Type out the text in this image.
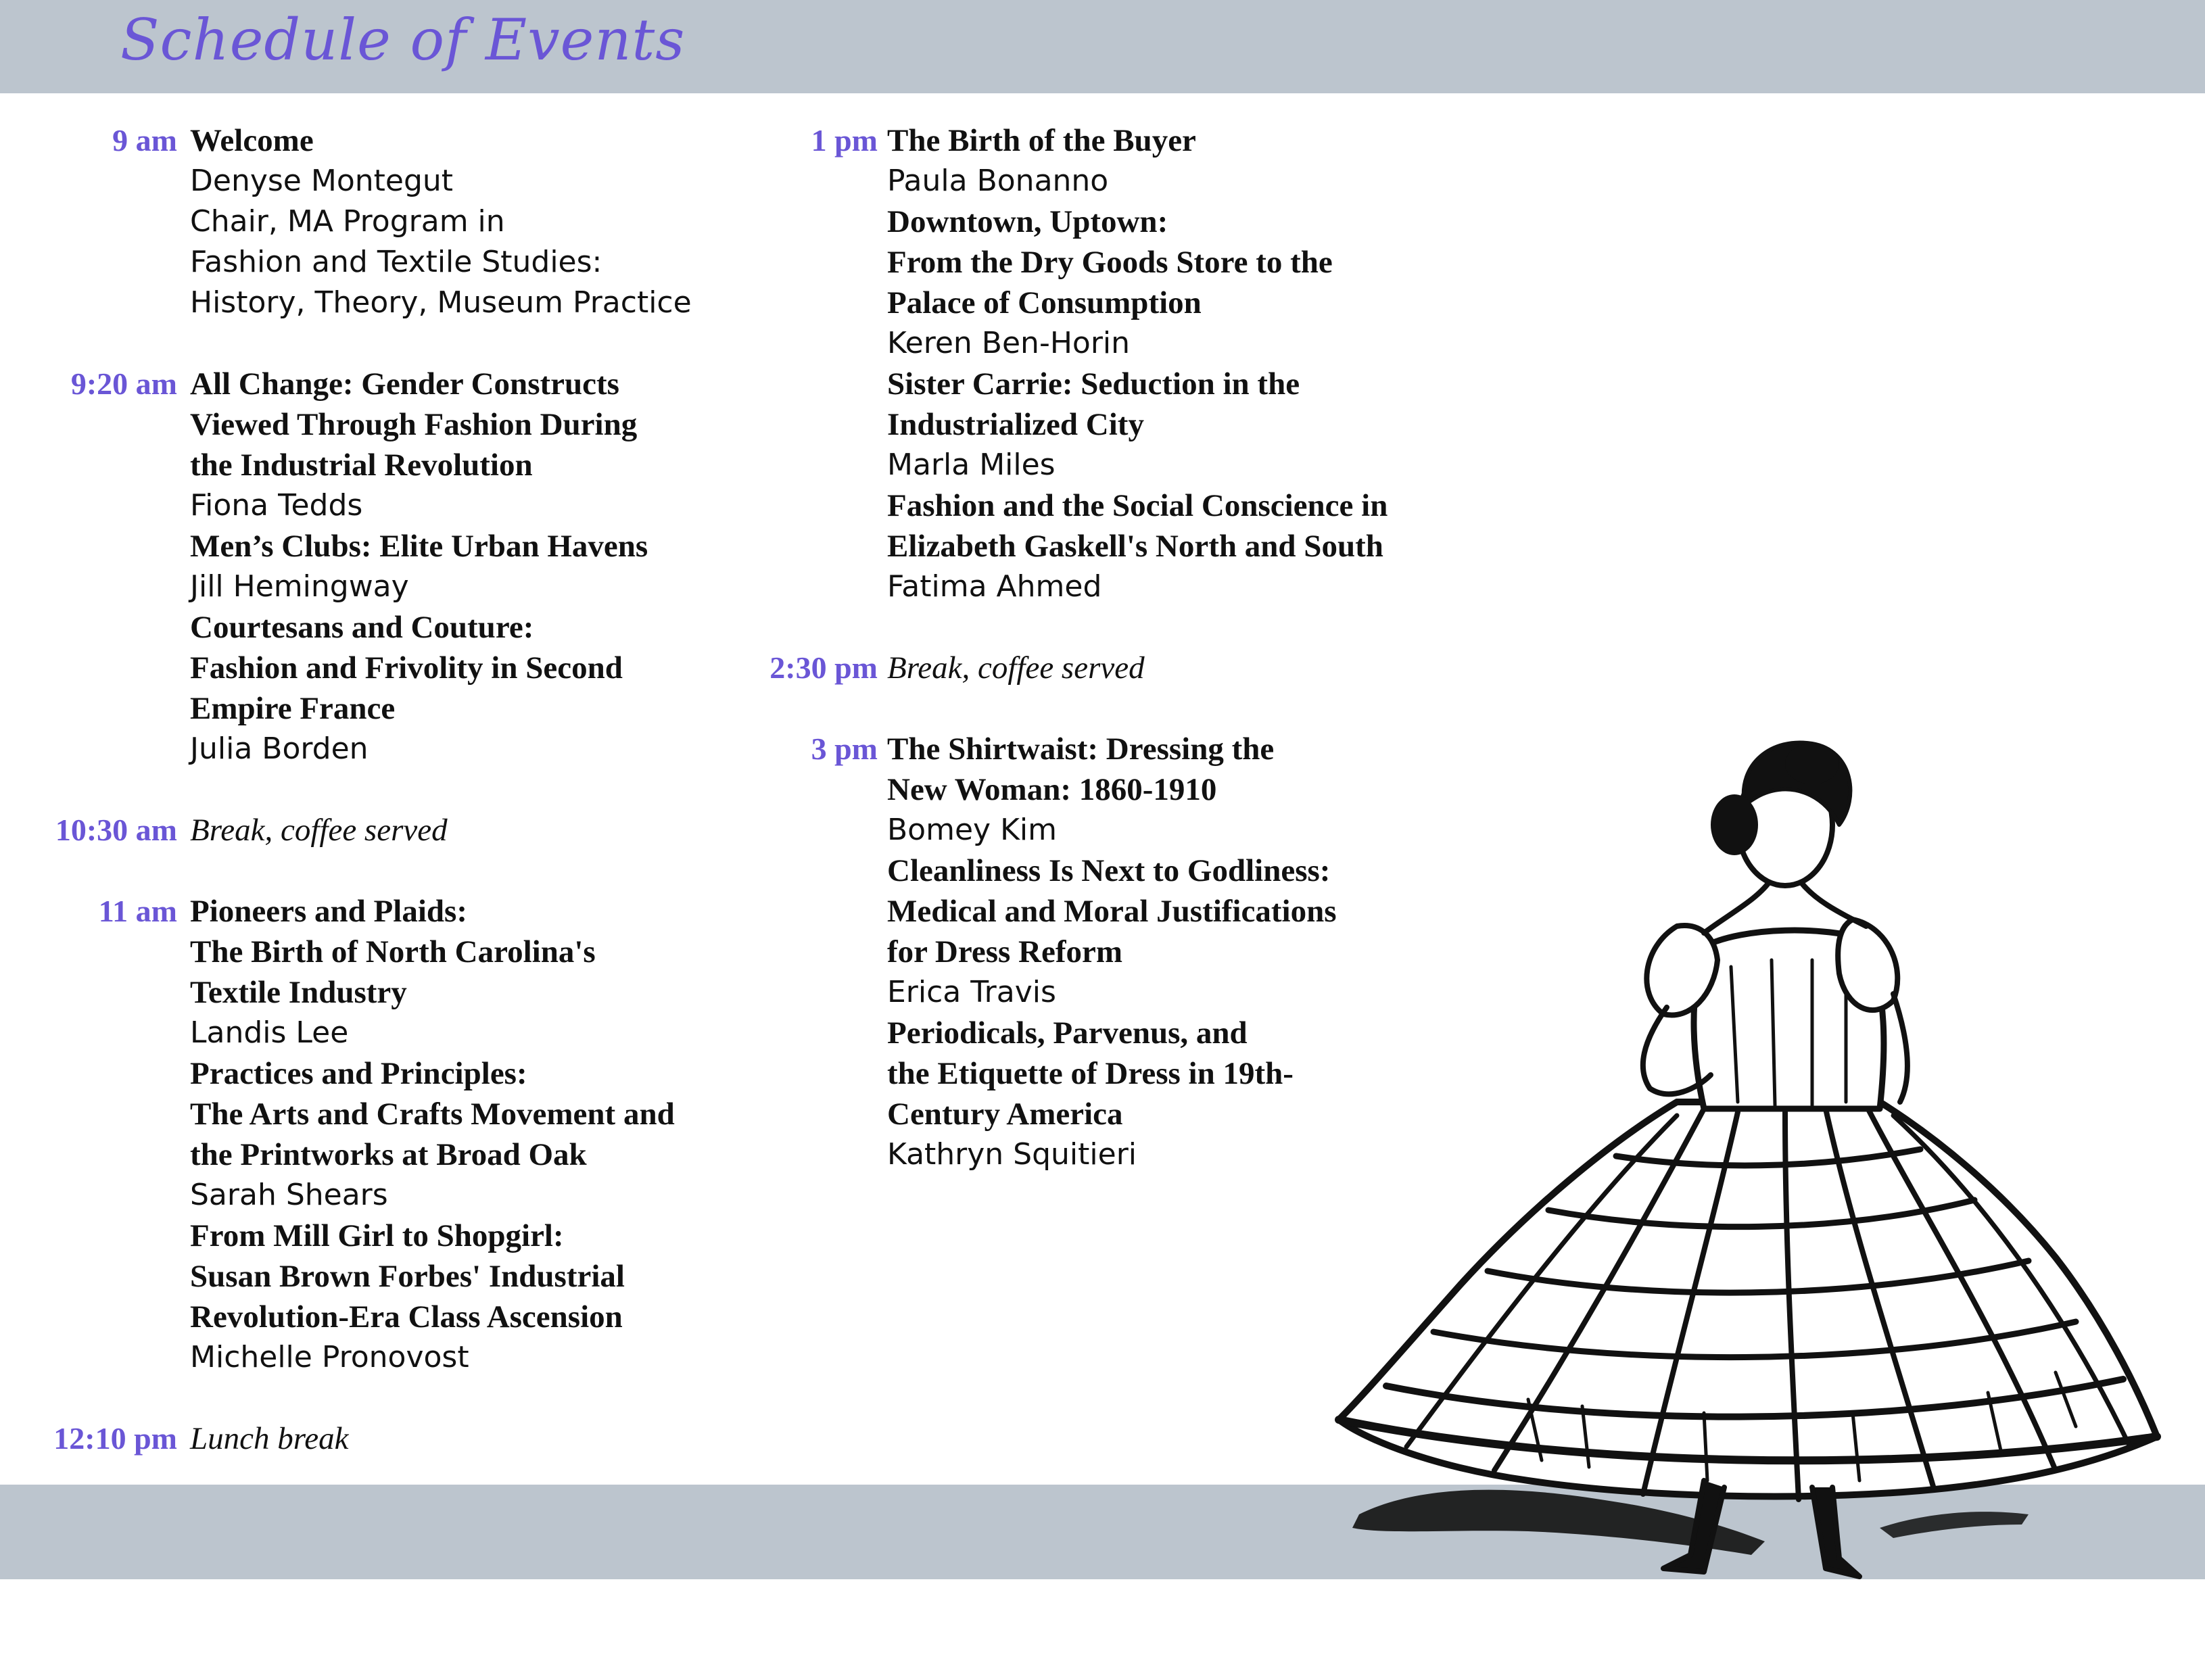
Schedule of Events
9 am Welcome
Denyse Montegut
Chair, MA Program in
Fashion and Textile Studies:
History, Theory, Museum Practice
9:20 am All Change: Gender Constructs
Viewed Through Fashion During
the Industrial Revolution
Fiona Tedds
Men’s Clubs: Elite Urban Havens
Jill Hemingway
Courtesans and Couture:
Fashion and Frivolity in Second
Empire France
Julia Borden
10:30 am Break, coffee served
11 am Pioneers and Plaids:
The Birth of North Carolina's
Textile Industry
Landis Lee
Practices and Principles:
The Arts and Crafts Movement and
the Printworks at Broad Oak
Sarah Shears
From Mill Girl to Shopgirl:
Susan Brown Forbes' Industrial
Revolution-Era Class Ascension
Michelle Pronovost
12:10 pm Lunch break
1 pm The Birth of the Buyer
Paula Bonanno
Downtown, Uptown:
From the Dry Goods Store to the
Palace of Consumption
Keren Ben-Horin
Sister Carrie: Seduction in the
Industrialized City
Marla Miles
Fashion and the Social Conscience in
Elizabeth Gaskell's North and South
Fatima Ahmed
2:30 pm Break, coffee served
3 pm The Shirtwaist: Dressing the
New Woman: 1860-1910
Bomey Kim
Cleanliness Is Next to Godliness:
Medical and Moral Justifications
for Dress Reform
Erica Travis
Periodicals, Parvenus, and
the Etiquette of Dress in 19th-
Century America
Kathryn Squitieri
